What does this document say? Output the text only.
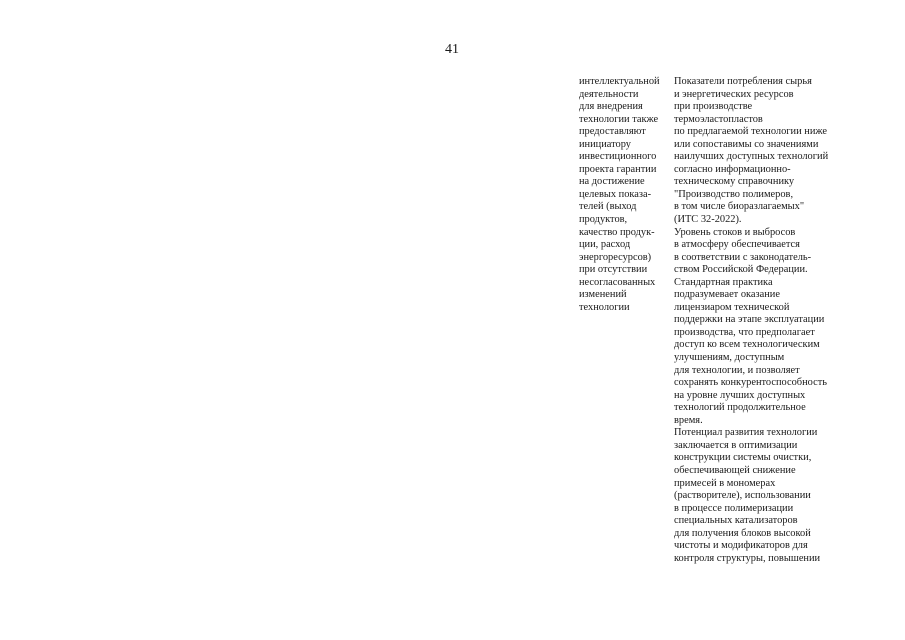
41
интеллектуальной
деятельности
для внедрения
технологии также
предоставляют
инициатору
инвестиционного
проекта гарантии
на достижение
целевых показа-
телей (выход
продуктов,
качество продук-
ции, расход
энергоресурсов)
при отсутствии
несогласованных
изменений
технологии
Показатели потребления сырья
и энергетических ресурсов
при производстве
термоэластопластов
по предлагаемой технологии ниже
или сопоставимы со значениями
наилучших доступных технологий
согласно информационно-
техническому справочнику
"Производство полимеров,
в том числе биоразлагаемых"
(ИТС 32-2022).
Уровень стоков и выбросов
в атмосферу обеспечивается
в соответствии с законодатель-
ством Российской Федерации.
Стандартная практика
подразумевает оказание
лицензиаром технической
поддержки на этапе эксплуатации
производства, что предполагает
доступ ко всем технологическим
улучшениям, доступным
для технологии, и позволяет
сохранять конкурентоспособность
на уровне лучших доступных
технологий продолжительное
время.
Потенциал развития технологии
заключается в оптимизации
конструкции системы очистки,
обеспечивающей снижение
примесей в мономерах
(растворителе), использовании
в процессе полимеризации
специальных катализаторов
для получения блоков высокой
чистоты и модификаторов для
контроля структуры, повышении
